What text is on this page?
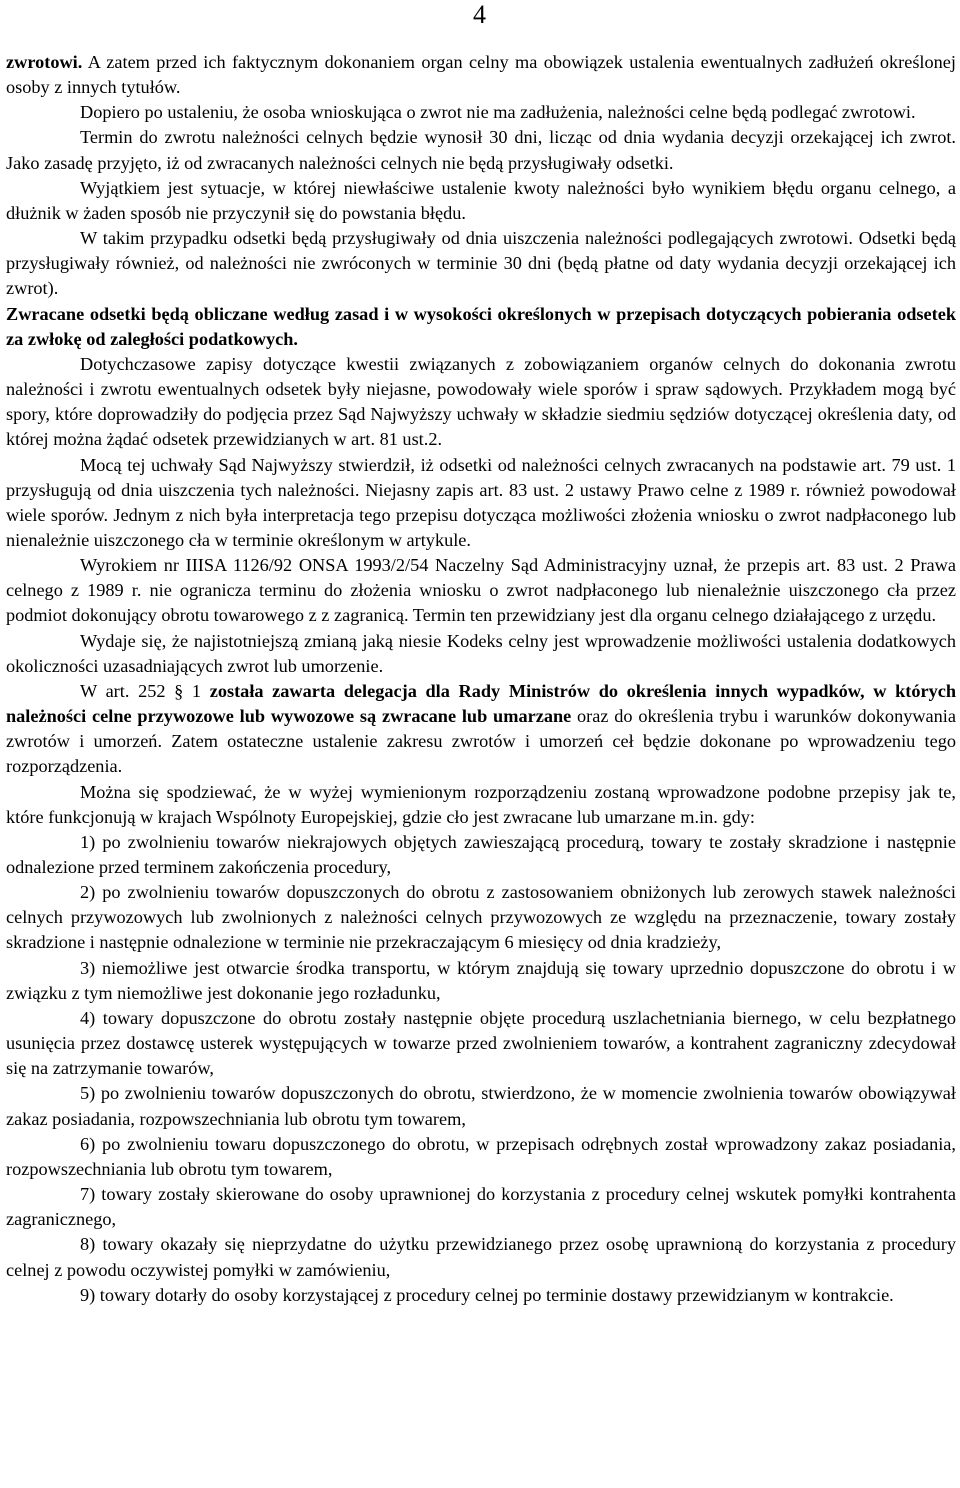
4

zwrotowi. A zatem przed ich faktycznym dokonaniem organ celny ma obowiązek ustalenia ewentualnych zadłużeń określonej osoby z innych tytułów.

Dopiero po ustaleniu, że osoba wnioskująca o zwrot nie ma zadłużenia, należności celne będą podlegać zwrotowi.

Termin do zwrotu należności celnych będzie wynosił 30 dni, licząc od dnia wydania decyzji orzekającej ich zwrot. Jako zasadę przyjęto, iż od zwracanych należności celnych nie będą przysługiwały odsetki.

Wyjątkiem jest sytuacje, w której niewłaściwe ustalenie kwoty należności było wynikiem błędu organu celnego, a dłużnik w żaden sposób nie przyczynił się do powstania błędu.

W takim przypadku odsetki będą przysługiwały od dnia uiszczenia należności podlegających zwrotowi. Odsetki będą przysługiwały również, od należności nie zwróconych w terminie 30 dni (będą płatne od daty wydania decyzji orzekającej ich zwrot).

Zwracane odsetki będą obliczane według zasad i w wysokości określonych w przepisach dotyczących pobierania odsetek za zwłokę od zaległości podatkowych.

Dotychczasowe zapisy dotyczące kwestii związanych z zobowiązaniem organów celnych do dokonania zwrotu należności i zwrotu ewentualnych odsetek były niejasne, powodowały wiele sporów i spraw sądowych. Przykładem mogą być spory, które doprowadziły do podjęcia przez Sąd Najwyższy uchwały w składzie siedmiu sędziów dotyczącej określenia daty, od której można żądać odsetek przewidzianych w art. 81 ust.2.

Mocą tej uchwały Sąd Najwyższy stwierdził, iż odsetki od należności celnych zwracanych na podstawie art. 79 ust. 1 przysługują od dnia uiszczenia tych należności. Niejasny zapis art. 83 ust. 2 ustawy Prawo celne z 1989 r. również powodował wiele sporów. Jednym z nich była interpretacja tego przepisu dotycząca możliwości złożenia wniosku o zwrot nadpłaconego lub nienależnie uiszczonego cła w terminie określonym w artykule.

Wyrokiem nr IIISA 1126/92 ONSA 1993/2/54 Naczelny Sąd Administracyjny uznał, że przepis art. 83 ust. 2 Prawa celnego z 1989 r. nie ogranicza terminu do złożenia wniosku o zwrot nadpłaconego lub nienależnie uiszczonego cła przez podmiot dokonujący obrotu towarowego z z zagranicą. Termin ten przewidziany jest dla organu celnego działającego z urzędu.

Wydaje się, że najistotniejszą zmianą jaką niesie Kodeks celny jest wprowadzenie możliwości ustalenia dodatkowych okoliczności uzasadniających zwrot lub umorzenie.

W art. 252 § 1 została zawarta delegacja dla Rady Ministrów do określenia innych wypadków, w których należności celne przywozowe lub wywozowe są zwracane lub umarzane oraz do określenia trybu i warunków dokonywania zwrotów i umorzeń. Zatem ostateczne ustalenie zakresu zwrotów i umorzeń ceł będzie dokonane po wprowadzeniu tego rozporządzenia.

Można się spodziewać, że w wyżej wymienionym rozporządzeniu zostaną wprowadzone podobne przepisy jak te, które funkcjonują w krajach Wspólnoty Europejskiej, gdzie cło jest zwracane lub umarzane m.in. gdy:

1) po zwolnieniu towarów niekrajowych objętych zawieszającą procedurą, towary te zostały skradzione i następnie odnalezione przed terminem zakończenia procedury,

2) po zwolnieniu towarów dopuszczonych do obrotu z zastosowaniem obniżonych lub zerowych stawek należności celnych przywozowych lub zwolnionych z należności celnych przywozowych ze względu na przeznaczenie, towary zostały skradzione i następnie odnalezione w terminie nie przekraczającym 6 miesięcy od dnia kradzieży,

3) niemożliwe jest otwarcie środka transportu, w którym znajdują się towary uprzednio dopuszczone do obrotu i w związku z tym niemożliwe jest dokonanie jego rozładunku,

4) towary dopuszczone do obrotu zostały następnie objęte procedurą uszlachetniania biernego, w celu bezpłatnego usunięcia przez dostawcę usterek występujących w towarze przed zwolnieniem towarów, a kontrahent zagraniczny zdecydował się na zatrzymanie towarów,

5) po zwolnieniu towarów dopuszczonych do obrotu, stwierdzono, że w momencie zwolnienia towarów obowiązywał zakaz posiadania, rozpowszechniania lub obrotu tym towarem,

6) po zwolnieniu towaru dopuszczonego do obrotu, w przepisach odrębnych został wprowadzony zakaz posiadania, rozpowszechniania lub obrotu tym towarem,

7) towary zostały skierowane do osoby uprawnionej do korzystania z procedury celnej wskutek pomyłki kontrahenta zagranicznego,

8) towary okazały się nieprzydatne do użytku przewidzianego przez osobę uprawnioną do korzystania z procedury celnej z powodu oczywistej pomyłki w zamówieniu,

9) towary dotarły do osoby korzystającej z procedury celnej po terminie dostawy przewidzianym w kontrakcie.
